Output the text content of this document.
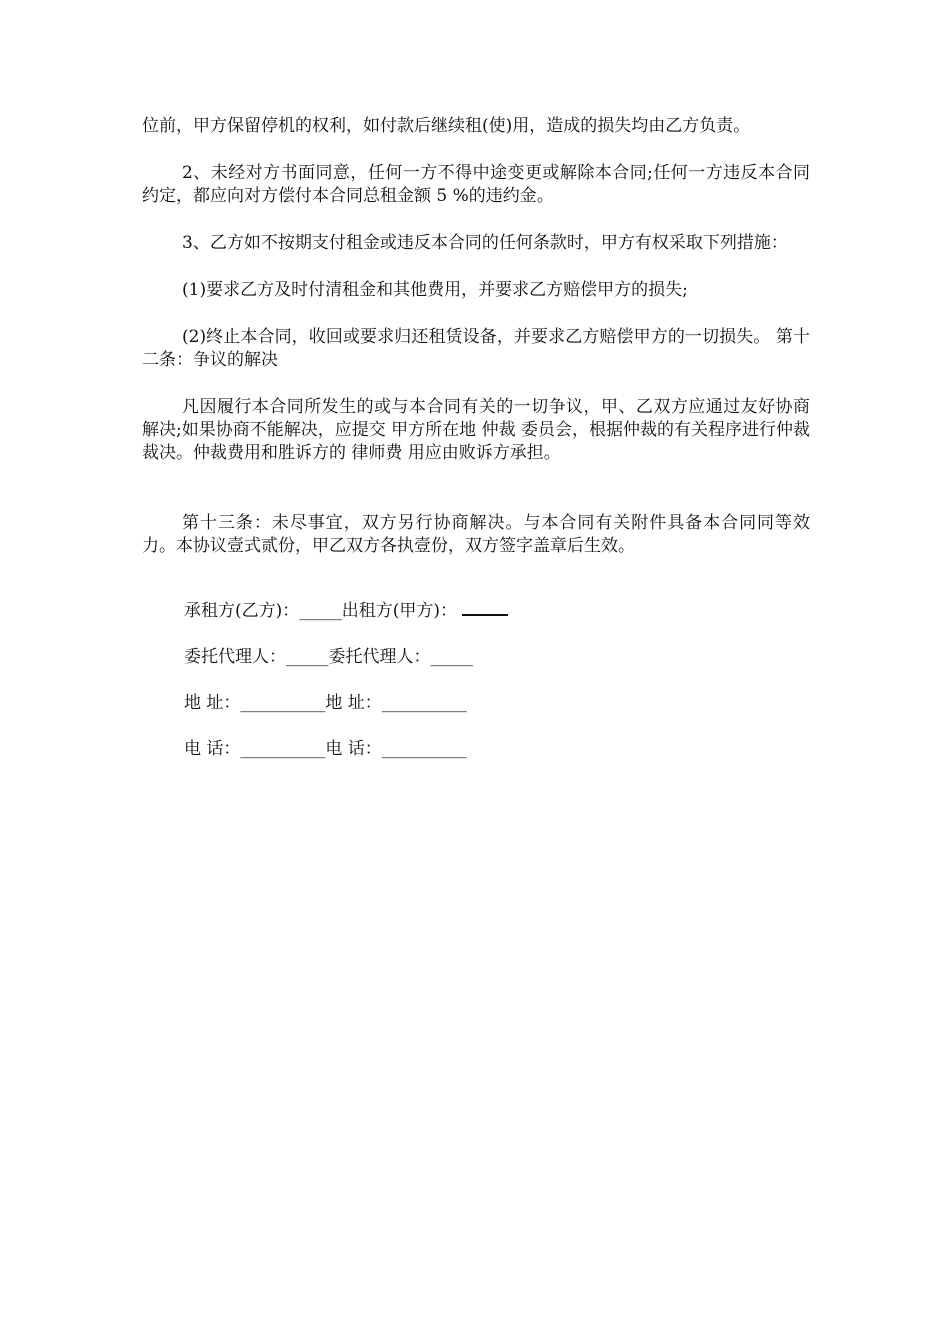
位前，甲方保留停机的权利，如付款后继续租(使)用，造成的损失均由乙方负责。

2、未经对方书面同意，任何一方不得中途变更或解除本合同;任何一方违反本合同约定，都应向对方偿付本合同总租金额 5 %的违约金。

3、乙方如不按期支付租金或违反本合同的任何条款时，甲方有权采取下列措施：

(1)要求乙方及时付清租金和其他费用，并要求乙方赔偿甲方的损失;

(2)终止本合同，收回或要求归还租赁设备，并要求乙方赔偿甲方的一切损失。 第十二条：争议的解决

凡因履行本合同所发生的或与本合同有关的一切争议，甲、乙双方应通过友好协商解决;如果协商不能解决，应提交 甲方所在地 仲裁 委员会，根据仲裁的有关程序进行仲裁裁决。仲裁费用和胜诉方的 律师费 用应由败诉方承担。

第十三条：未尽事宜，双方另行协商解决。与本合同有关附件具备本合同同等效力。本协议壹式贰份，甲乙双方各执壹份，双方签字盖章后生效。

承租方(乙方)：_____出租方(甲方)：
委托代理人：_____委托代理人：_____
地 址：__________地 址：__________
电 话：__________电 话：__________
